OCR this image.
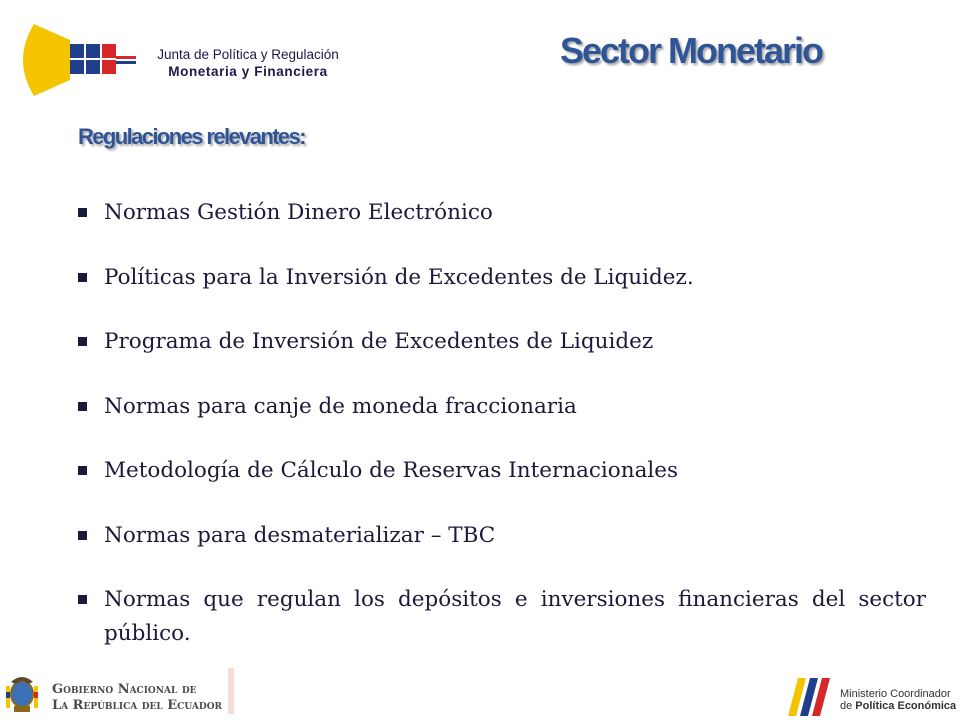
Junta de Política y Regulación
Monetaria y Financiera
Sector Monetario
Regulaciones relevantes:
Normas Gestión Dinero Electrónico
Políticas para la Inversión de Excedentes de Liquidez.
Programa de Inversión de Excedentes de Liquidez
Normas para canje de moneda fraccionaria
Metodología de Cálculo de Reservas Internacionales
Normas para desmaterializar – TBC
Normas que regulan los depósitos e inversiones financieras del sector público.
Gobierno Nacional de
La República del Ecuador
Ministerio Coordinador
de Política Económica
